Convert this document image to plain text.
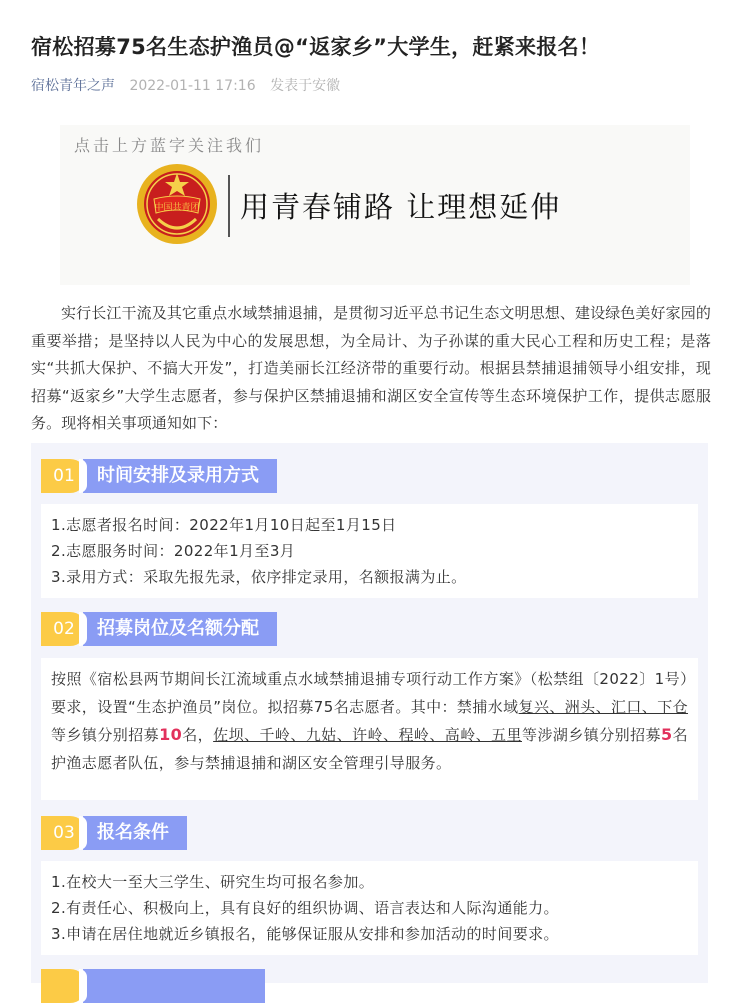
宿松招募75名生态护渔员@“返家乡”大学生，赶紧来报名！
宿松青年之声 2022-01-11 17:16 发表于安徽
点击上方蓝字关注我们
中国共青团 用青春铺路 让理想延伸
实行长江干流及其它重点水域禁捕退捕，是贯彻习近平总书记生态文明思想、建设绿色美好家园的重要举措；是坚持以人民为中心的发展思想，为全局计、为子孙谋的重大民心工程和历史工程；是落实“共抓大保护、不搞大开发”，打造美丽长江经济带的重要行动。根据县禁捕退捕领导小组安排，现招募“返家乡”大学生志愿者，参与保护区禁捕退捕和湖区安全宣传等生态环境保护工作，提供志愿服务。现将相关事项通知如下：
01	时间安排及录用方式
1.志愿者报名时间：2022年1月10日起至1月15日
2.志愿服务时间：2022年1月至3月
3.录用方式：采取先报先录，依序排定录用，名额报满为止。
02	招募岗位及名额分配
按照《宿松县两节期间长江流域重点水域禁捕退捕专项行动工作方案》（松禁组〔2022〕1号）要求，设置“生态护渔员”岗位。拟招募75名志愿者。其中：禁捕水域复兴、洲头、汇口、下仓等乡镇分别招募10名，佐坝、千岭、九姑、许岭、程岭、高岭、五里等涉湖乡镇分别招募5名护渔志愿者队伍，参与禁捕退捕和湖区安全管理引导服务。
03	报名条件
1.在校大一至大三学生、研究生均可报名参加。
2.有责任心、积极向上，具有良好的组织协调、语言表达和人际沟通能力。
3.申请在居住地就近乡镇报名，能够保证服从安排和参加活动的时间要求。
